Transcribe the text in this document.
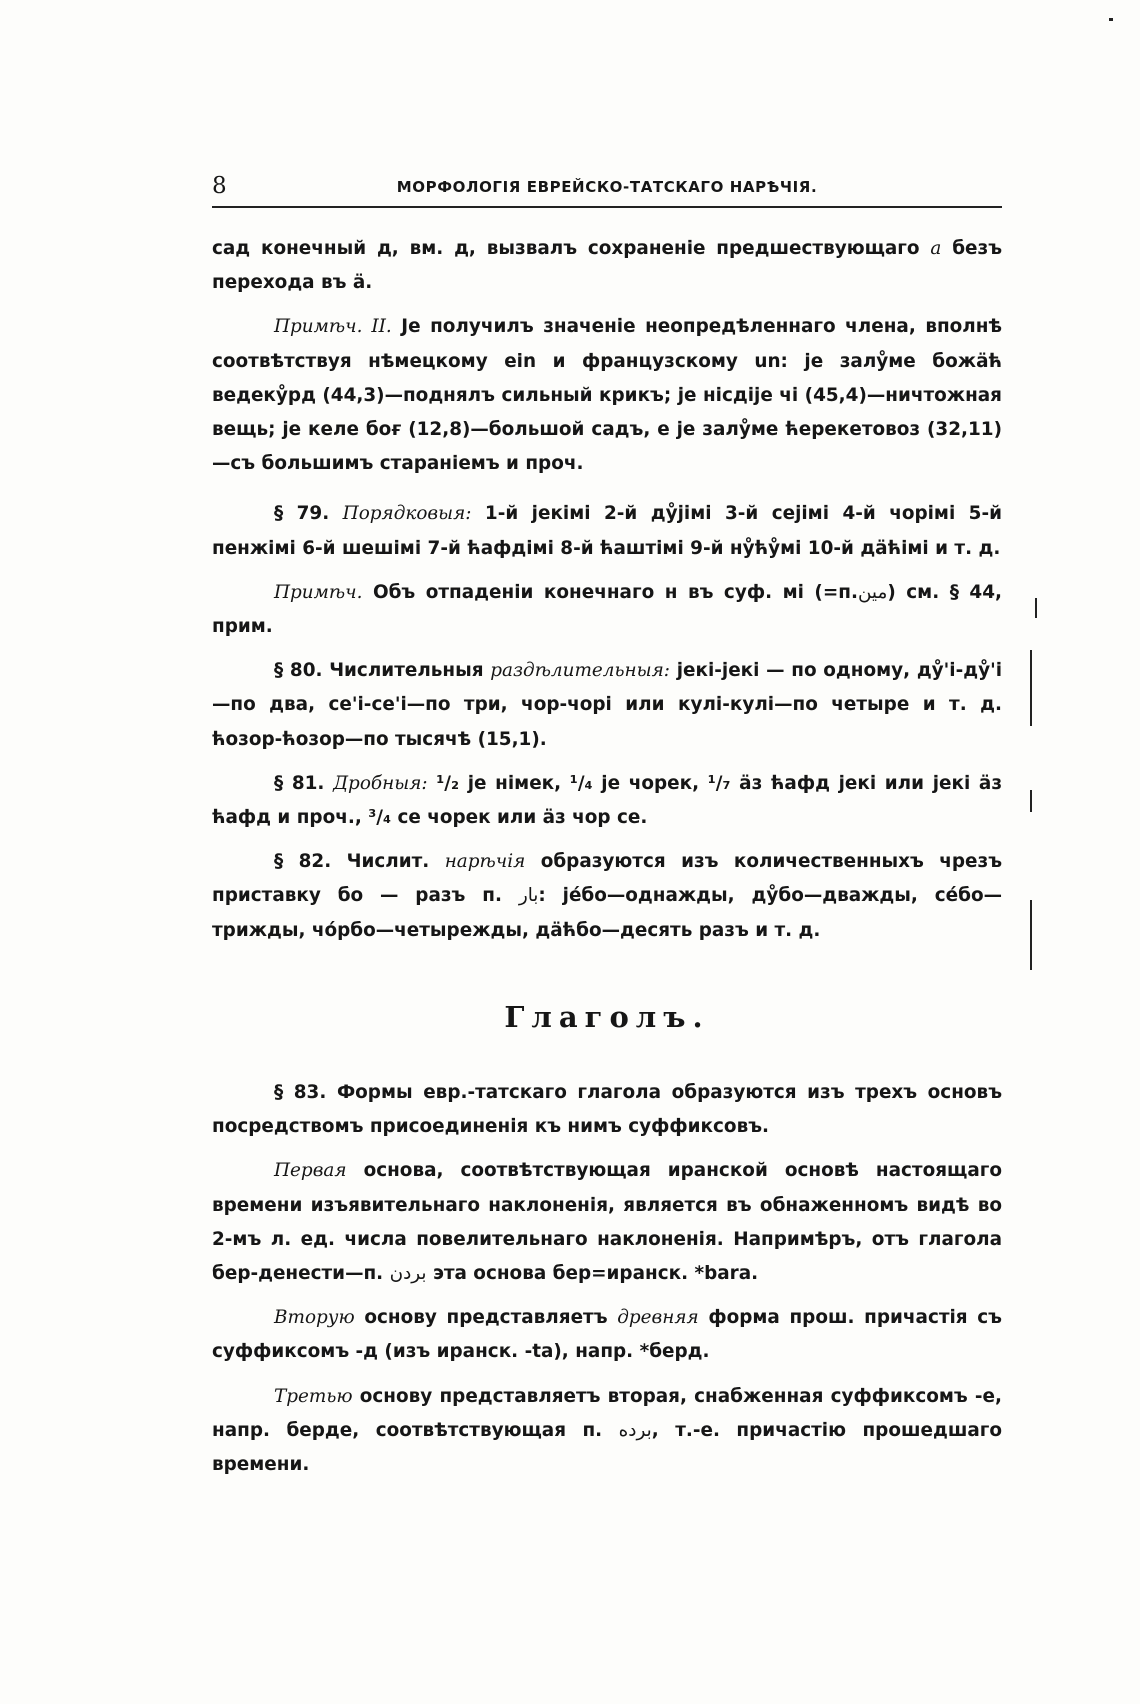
8	МОРФОЛОГІЯ ЕВРЕЙСКО-ТАТСКАГО НАРѢЧІЯ.

сад конечный д, вм. д, вызвалъ сохраненіе предшествующаго а безъ перехода въ ä.

Примѣч. II. Је получилъ значеніе неопредѣленнаго члена, вполнѣ соотвѣтствуя нѣмецкому ein и французскому un: је залу̊ме божäћ ведеку̊рд (44,3)—поднялъ сильный крикъ; је нісдіје чі (45,4)—ничтожная вещь; је келе боғ (12,8)—большой садъ, е је залу̊ме ћерекетовоз (32,11)—съ большимъ стараніемъ и проч.

§ 79. Порядковыя: 1-й јекімі 2-й ду̊јімі 3-й сејімі 4-й чорімі 5-й пенжімі 6-й шешімі 7-й ћафдімі 8-й ћаштімі 9-й ну̊ћу̊мі 10-й дäћімі и т. д.

Примѣч. Объ отпаденіи конечнаго н въ суф. мі (=п.مين) см. § 44, прим.

§ 80. Числительныя раздѣлительныя: јекі-јекі — по одному, ду̊'і-ду̊'і—по два, се'і-се'і—по три, чор-чорі или кулі-кулі—по четыре и т. д. ћозор-ћозор—по тысячѣ (15,1).

§ 81. Дробныя: ¹/₂ је німек, ¹/₄ је чорек, ¹/₇ äз ћафд јекі или јекі äз ћафд и проч., ³/₄ се чорек или äз чор се.

§ 82. Числит. нарѣчія образуются изъ количественныхъ чрезъ приставку бо — разъ п. بار: јéбо—однажды, ду̊бо—дважды, сéбо—трижды, чóрбо—четырежды, дäћбо—десять разъ и т. д.

Глаголъ.

§ 83. Формы евр.-татскаго глагола образуются изъ трехъ основъ посредствомъ присоединенія къ нимъ суффиксовъ.

Первая основа, соотвѣтствующая иранской основѣ настоящаго времени изъявительнаго наклоненія, является въ обнаженномъ видѣ во 2-мъ л. ед. числа повелительнаго наклоненія. Напримѣръ, отъ глагола бер-денести—п. بردن эта основа бер=иранск. *bara.

Вторую основу представляетъ древняя форма прош. причастія съ суффиксомъ -д (изъ иранск. -ta), напр. *берд.

Третью основу представляетъ вторая, снабженная суффиксомъ -е, напр. берде, соотвѣтствующая п. برده, т.-е. причастію прошедшаго времени.
